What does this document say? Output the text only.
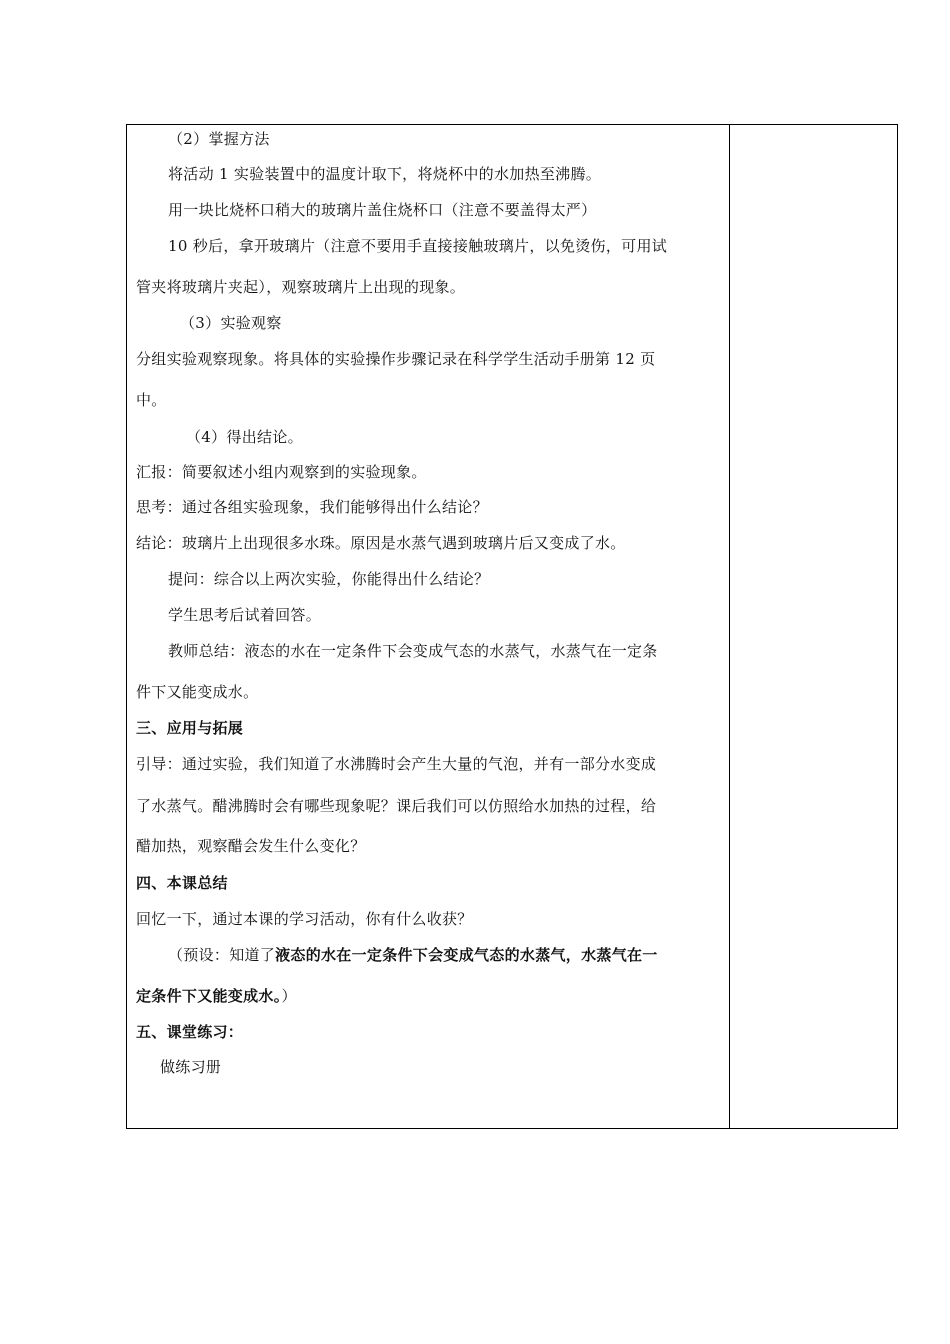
（2）掌握方法
将活动 1 实验装置中的温度计取下，将烧杯中的水加热至沸腾。
用一块比烧杯口稍大的玻璃片盖住烧杯口（注意不要盖得太严）
10 秒后，拿开玻璃片（注意不要用手直接接触玻璃片，以免烫伤，可用试
管夹将玻璃片夹起），观察玻璃片上出现的现象。
（3）实验观察
分组实验观察现象。将具体的实验操作步骤记录在科学学生活动手册第 12 页
中。
（4）得出结论。
汇报：简要叙述小组内观察到的实验现象。
思考：通过各组实验现象，我们能够得出什么结论？
结论：玻璃片上出现很多水珠。原因是水蒸气遇到玻璃片后又变成了水。
提问：综合以上两次实验，你能得出什么结论？
学生思考后试着回答。
教师总结：液态的水在一定条件下会变成气态的水蒸气，水蒸气在一定条
件下又能变成水。
三、应用与拓展
引导：通过实验，我们知道了水沸腾时会产生大量的气泡，并有一部分水变成
了水蒸气。醋沸腾时会有哪些现象呢？课后我们可以仿照给水加热的过程，给
醋加热，观察醋会发生什么变化？
四、本课总结
回忆一下，通过本课的学习活动，你有什么收获？
（预设：知道了液态的水在一定条件下会变成气态的水蒸气，水蒸气在一
定条件下又能变成水。）
五、课堂练习：
做练习册
